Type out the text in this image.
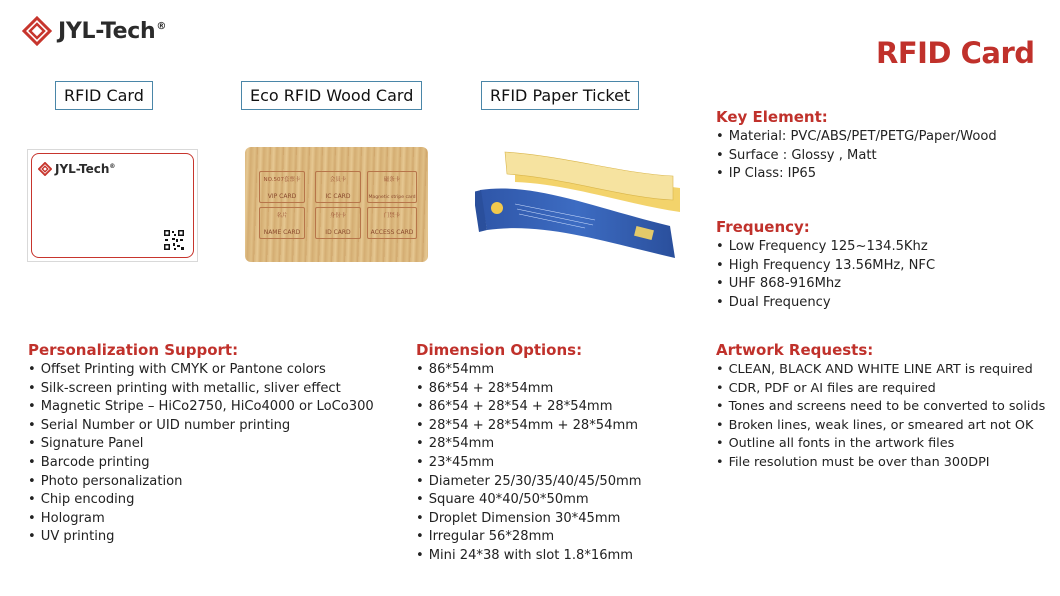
JYL-Tech®
RFID Card
RFID Card	Eco RFID Wood Card	RFID Paper Ticket
JYL-Tech®
NO.507套票卡
VIP CARD
会员卡
IC CARD
磁条卡
Magnetic stripe card
名片
NAME CARD
身份卡
ID CARD
门禁卡
ACCESS CARD
Key Element:
• Material: PVC/ABS/PET/PETG/Paper/Wood
• Surface : Glossy , Matt
• IP Class: IP65
Frequency:
• Low Frequency 125~134.5Khz
• High Frequency 13.56MHz, NFC
• UHF 868-916Mhz
• Dual Frequency
Personalization Support:
• Offset Printing with CMYK or Pantone colors
• Silk-screen printing with metallic, sliver effect
• Magnetic Stripe – HiCo2750, HiCo4000 or LoCo300
• Serial Number or UID number printing
• Signature Panel
• Barcode printing
• Photo personalization
• Chip encoding
• Hologram
• UV printing
Dimension Options:
• 86*54mm
• 86*54 + 28*54mm
• 86*54 + 28*54 + 28*54mm
• 28*54 + 28*54mm + 28*54mm
• 28*54mm
• 23*45mm
• Diameter 25/30/35/40/45/50mm
• Square 40*40/50*50mm
• Droplet Dimension 30*45mm
• Irregular 56*28mm
• Mini 24*38 with slot 1.8*16mm
Artwork Requests:
• CLEAN, BLACK AND WHITE LINE ART is required
• CDR, PDF or AI files are required
• Tones and screens need to be converted to solids
• Broken lines, weak lines, or smeared art not OK
• Outline all fonts in the artwork files
• File resolution must be over than 300DPI
